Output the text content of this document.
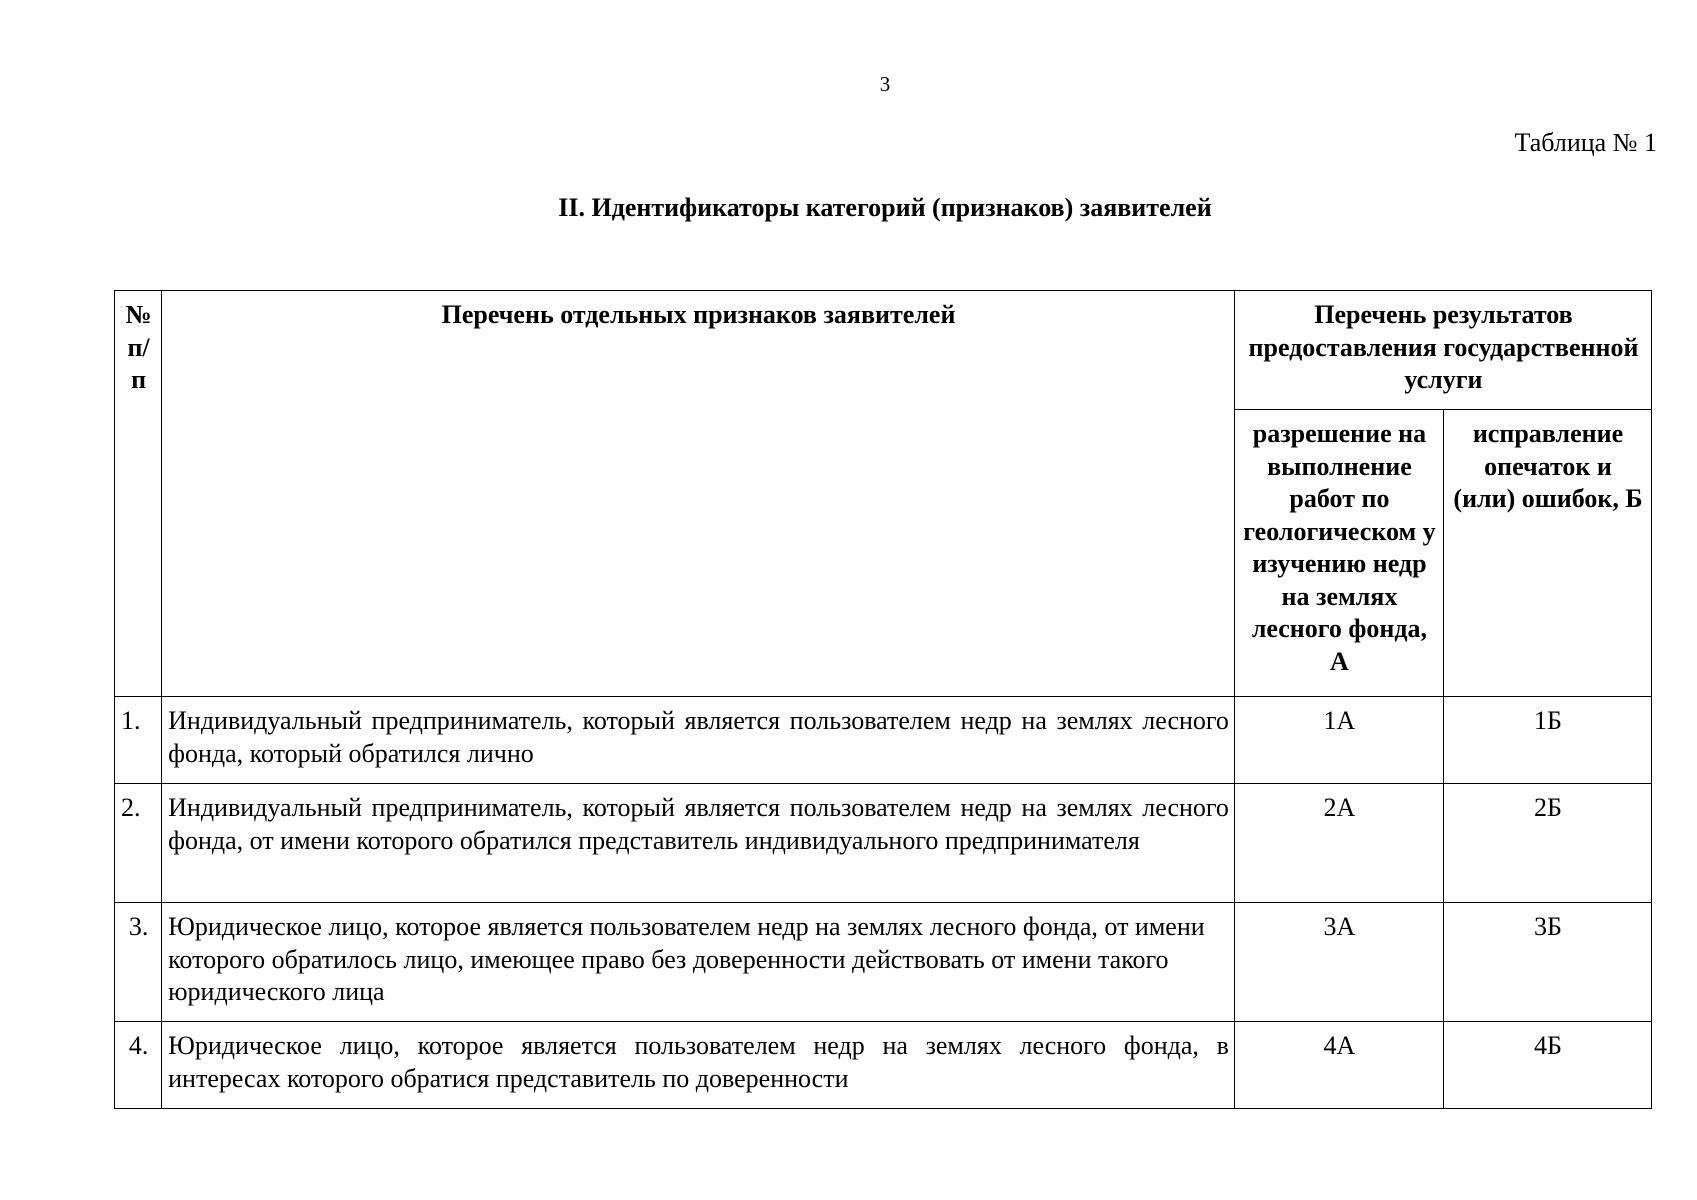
3
Таблица № 1
II. Идентификаторы категорий (признаков) заявителей
№ п/п	Перечень отдельных признаков заявителей	Перечень результатов предоставления государственной услуги	
		разрешение на выполнение работ по геологическом у изучению недр на землях лесного фонда, А	исправление опечаток и (или) ошибок, Б
1.	Индивидуальный предприниматель, который является пользователем недр на землях лесного фонда, который обратился лично	1А	1Б
2.	Индивидуальный предприниматель, который является пользователем недр на землях лесного фонда, от имени которого обратился представитель индивидуального предпринимателя	2А	2Б
3.	Юридическое лицо, которое является пользователем недр на землях лесного фонда, от имени которого обратилось лицо, имеющее право без доверенности действовать от имени такого юридического лица	3А	3Б
4.	Юридическое лицо, которое является пользователем недр на землях лесного фонда, в интересах которого обратися представитель по доверенности	4А	4Б
